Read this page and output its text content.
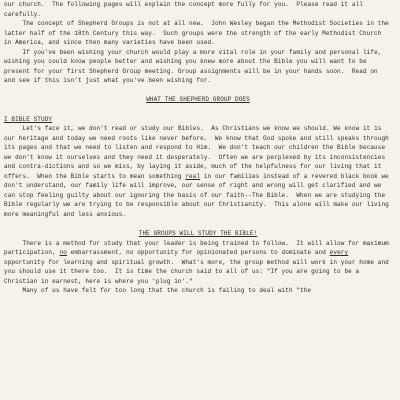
our church.  The following pages will explain the concept more fully for you.  Please read it all carefully.

The concept of Shepherd Groups is not at all new.  John Wesley began the Methodist Societies in the latter half of the 18th Century this way.  Such groups were the strength of the early Methodist Church in America, and since then many varieties have been used.

If you've been wishing your church would play a more vital role in your family and personal life, wishing you could know people better and wishing you knew more about the Bible you will want to be present for your first Shepherd Group meeting. Group assignments will be in your hands soon.  Read on and see if this isn't just what you've been wishing for.

WHAT THE SHEPHERD GROUP DOES

I BIBLE STUDY

Let's face it, we don't read or study our Bibles.  As Christians we know we should. We know it is our heritage and today we need roots like never before.  We know that God spoke and still speaks through its pages and that we need to listen and respond to Him.  We don't teach our children the Bible because we don't know it ourselves and they need it desperately.  Often we are perplexed by its inconsistencies and contra-dictions and so we miss, by laying it aside, much of the helpfulness for our living that it offers.  When the Bible starts to mean something real in our families instead of a revered black book we don't understand, our family life will improve, our sense of right and wrong will get clarified and we can stop feeling guilty about our ignoring the basis of our faith--The Bible.  When we are studying the Bible regularly we are trying to be responsible about our Christianity.  This alone will make our living more meaningful and less anxious.

THE GROUPS WILL STUDY THE BIBLE!

There is a method for study that your leader is being trained to follow.  It will allow for maximum participation, no embarrassment, no opportunity for opinionated persons to dominate and every opportunity for learning and spiritual growth.  What's more, the group method will work in your home and you should use it there too.  It is time the church said to all of us: "If you are going to be a Christian in earnest, here is where you 'plug in'."

Many of us have felt for too long that the church is failing to deal with "the
